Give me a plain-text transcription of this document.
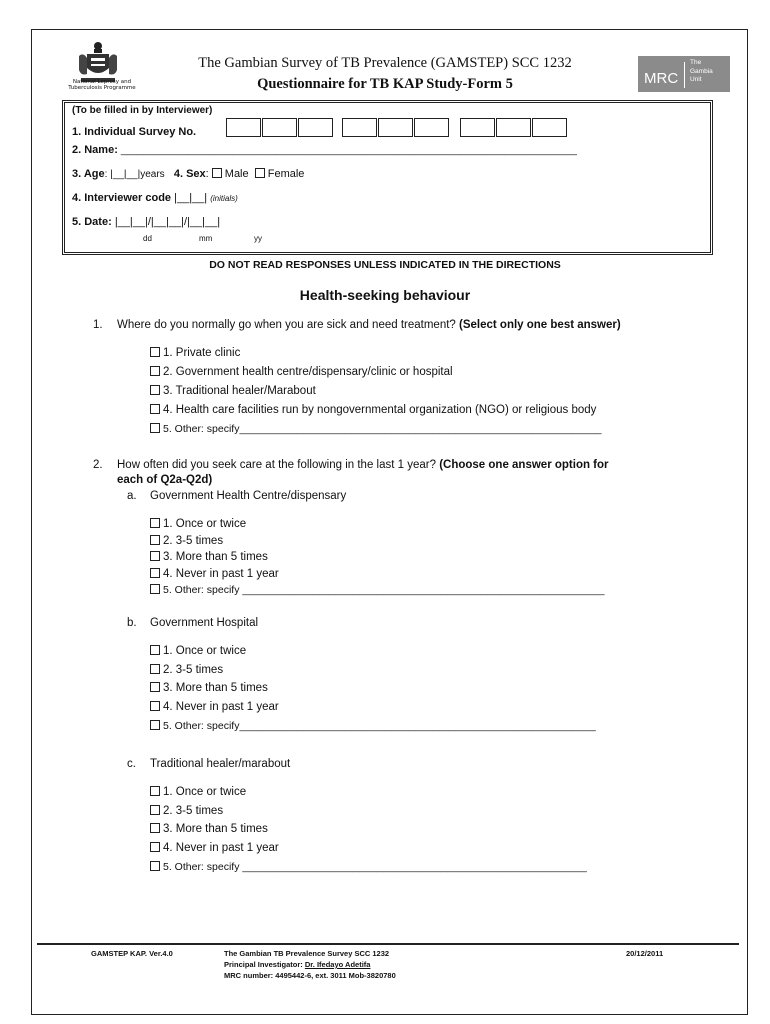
National Leprosy and Tuberculosis Programme
The Gambian Survey of TB Prevalence (GAMSTEP) SCC 1232
Questionnaire for TB KAP Study-Form 5	MRC
The
Gambia
Unit
(To be filled in by Interviewer)
1. Individual Survey No.
2. Name: __________________________________________________________________________________
3. Age: |__|__|years 4. Sex: Male Female
4. Interviewer code |__|__| (initials)
5. Date: |__|__|/|__|__|/|__|__|
dd	mm	yy
DO NOT READ RESPONSES UNLESS INDICATED IN THE DIRECTIONS
Health-seeking behaviour
1. Where do you normally go when you are sick and need treatment? (Select only one best answer)
1. Private clinic
2. Government health centre/dispensary/clinic or hospital
3. Traditional healer/Marabout
4. Health care facilities run by nongovernmental organization (NGO) or religious body
5. Other: specify______________________________________________________________
2. How often did you seek care at the following in the last 1 year? (Choose one answer option for
each of Q2a-Q2d)
a. Government Health Centre/dispensary
1. Once or twice
2. 3-5 times
3. More than 5 times
4. Never in past 1 year
5. Other: specify ______________________________________________________________
b. Government Hospital
1. Once or twice
2. 3-5 times
3. More than 5 times
4. Never in past 1 year
5. Other: specify_____________________________________________________________
c. Traditional healer/marabout
1. Once or twice
2. 3-5 times
3. More than 5 times
4. Never in past 1 year
5. Other: specify ___________________________________________________________
GAMSTEP KAP. Ver.4.0	The Gambian TB Prevalence Survey SCC 1232
Principal Investigator: Dr. Ifedayo Adetifa
MRC number: 4495442-6, ext. 3011 Mob-3820780
20/12/2011
